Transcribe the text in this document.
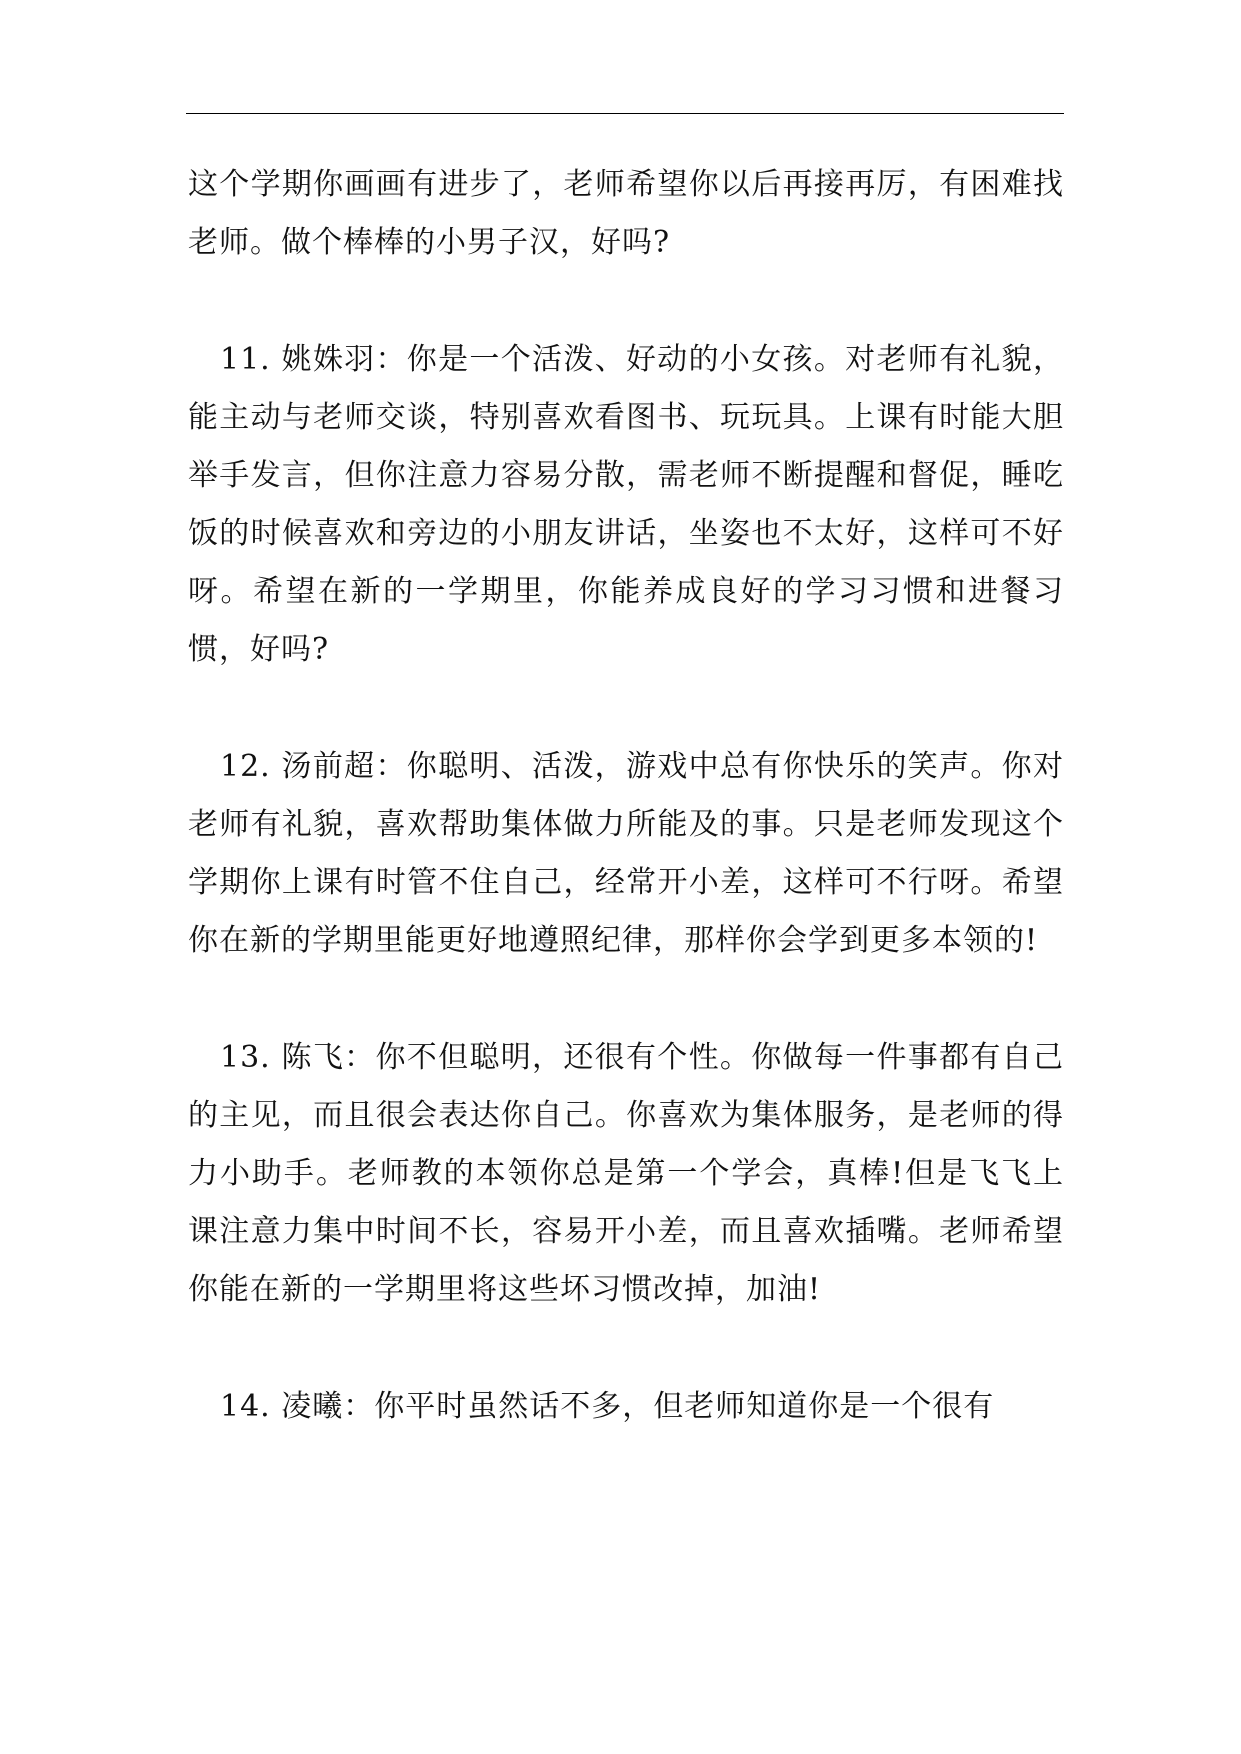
这个学期你画画有进步了，老师希望你以后再接再厉，有困难找老师。做个棒棒的小男子汉，好吗?

11. 姚姝羽：你是一个活泼、好动的小女孩。对老师有礼貌，能主动与老师交谈，特别喜欢看图书、玩玩具。上课有时能大胆举手发言，但你注意力容易分散，需老师不断提醒和督促，睡吃饭的时候喜欢和旁边的小朋友讲话，坐姿也不太好，这样可不好呀。希望在新的一学期里，你能养成良好的学习习惯和进餐习惯，好吗?

12. 汤前超：你聪明、活泼，游戏中总有你快乐的笑声。你对老师有礼貌，喜欢帮助集体做力所能及的事。只是老师发现这个学期你上课有时管不住自己，经常开小差，这样可不行呀。希望你在新的学期里能更好地遵照纪律，那样你会学到更多本领的!

13. 陈飞：你不但聪明，还很有个性。你做每一件事都有自己的主见，而且很会表达你自己。你喜欢为集体服务，是老师的得力小助手。老师教的本领你总是第一个学会，真棒!但是飞飞上课注意力集中时间不长，容易开小差，而且喜欢插嘴。老师希望你能在新的一学期里将这些坏习惯改掉，加油!

14. 凌曦：你平时虽然话不多，但老师知道你是一个很有
